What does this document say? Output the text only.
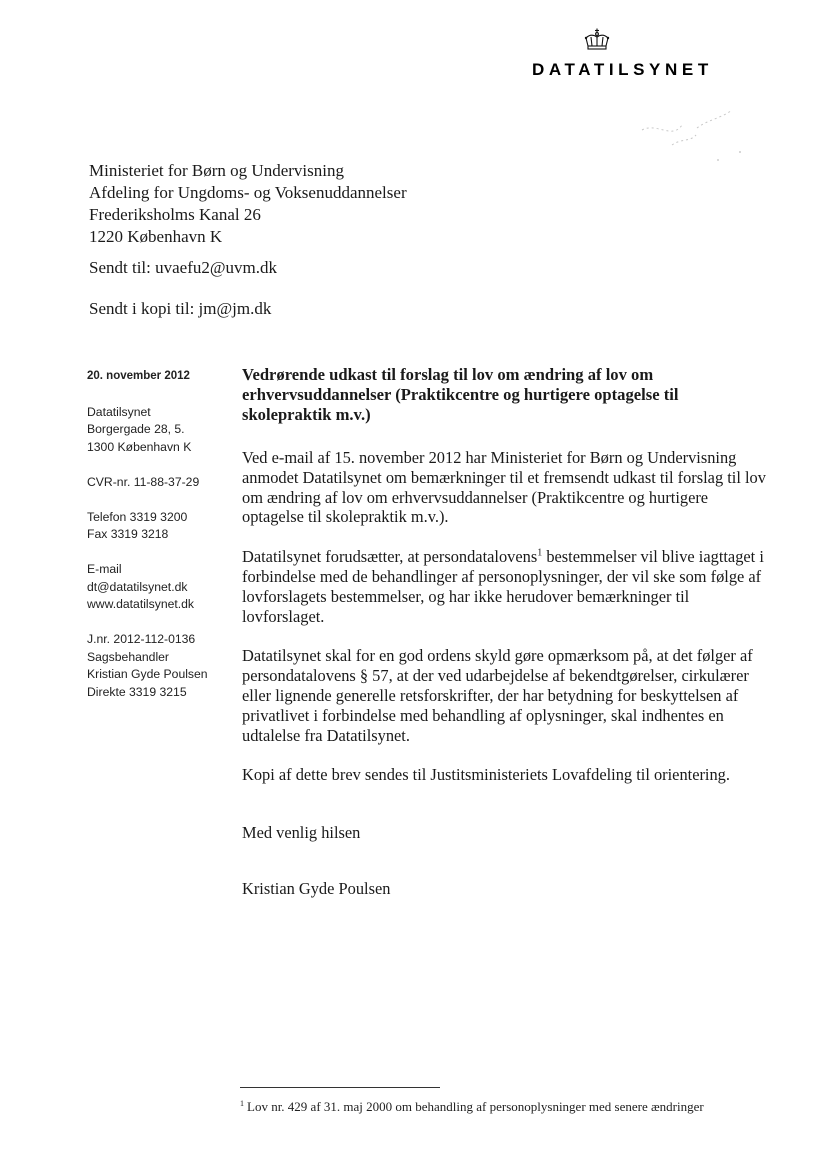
DATATILSYNET
Ministeriet for Børn og Undervisning
Afdeling for Ungdoms- og Voksenuddannelser
Frederiksholms Kanal 26
1220 København K
Sendt til: uvaefu2@uvm.dk
Sendt i kopi til: jm@jm.dk
20. november 2012
Datatilsynet
Borgergade 28, 5.
1300 København K
CVR-nr. 11-88-37-29
Telefon 3319 3200
Fax 3319 3218
E-mail
dt@datatilsynet.dk
www.datatilsynet.dk
J.nr. 2012-112-0136
Sagsbehandler
Kristian Gyde Poulsen
Direkte 3319 3215
Vedrørende udkast til forslag til lov om ændring af lov om erhvervsuddannelser (Praktikcentre og hurtigere optagelse til skolepraktik m.v.)

Ved e-mail af 15. november 2012 har Ministeriet for Børn og Undervisning anmodet Datatilsynet om bemærkninger til et fremsendt udkast til forslag til lov om ændring af lov om erhvervsuddannelser (Praktikcentre og hurtigere optagelse til skolepraktik m.v.).

Datatilsynet forudsætter, at persondatalovens$^1$ bestemmelser vil blive iagttaget i forbindelse med de behandlinger af personoplysninger, der vil ske som følge af lovforslagets bestemmelser, og har ikke herudover bemærkninger til lovforslaget.

Datatilsynet skal for en god ordens skyld gøre opmærksom på, at det følger af persondatalovens § 57, at der ved udarbejdelse af bekendtgørelser, cirkulærer eller lignende generelle retsforskrifter, der har betydning for beskyttelsen af privatlivet i forbindelse med behandling af oplysninger, skal indhentes en udtalelse fra Datatilsynet.

Kopi af dette brev sendes til Justitsministeriets Lovafdeling til orientering.

Med venlig hilsen

Kristian Gyde Poulsen

$^1$ Lov nr. 429 af 31. maj 2000 om behandling af personoplysninger med senere ændringer
